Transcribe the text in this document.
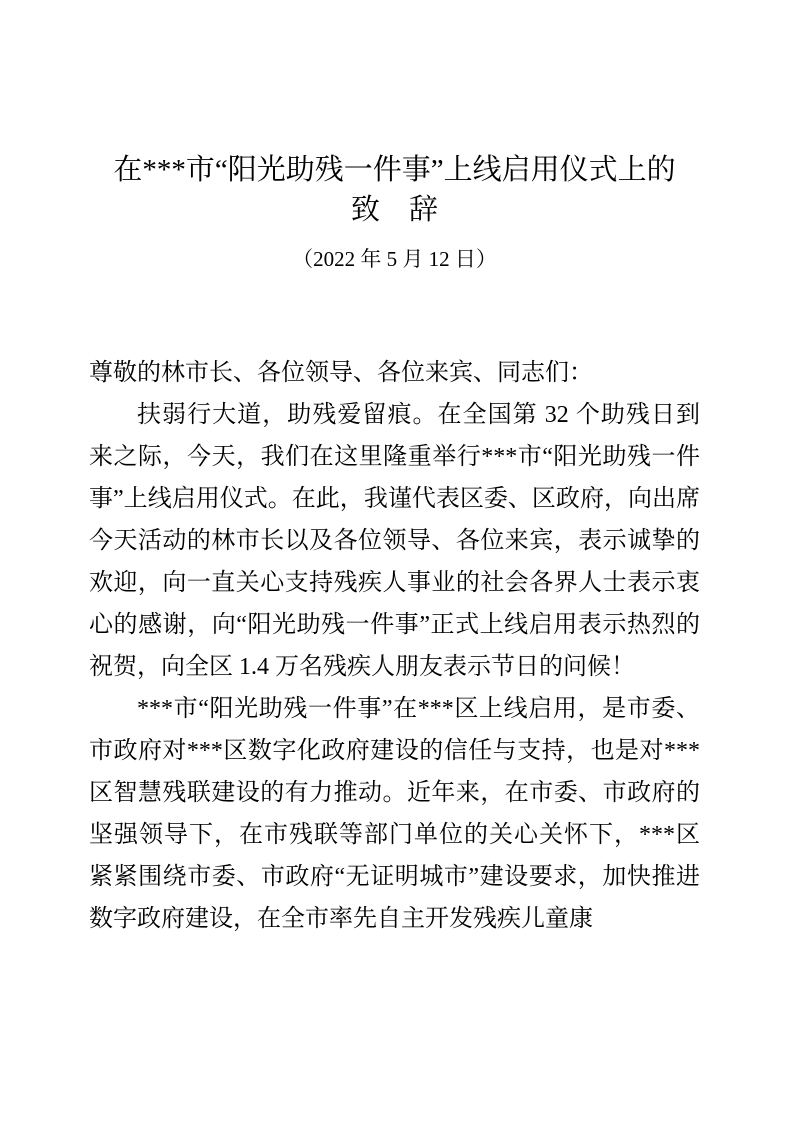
在***市“阳光助残一件事”上线启用仪式上的
致　辞
（2022 年 5 月 12 日）

尊敬的林市长、各位领导、各位来宾、同志们：

扶弱行大道，助残爱留痕。在全国第 32 个助残日到来之际，今天，我们在这里隆重举行***市“阳光助残一件事”上线启用仪式。在此，我谨代表区委、区政府，向出席今天活动的林市长以及各位领导、各位来宾，表示诚挚的欢迎，向一直关心支持残疾人事业的社会各界人士表示衷心的感谢，向“阳光助残一件事”正式上线启用表示热烈的祝贺，向全区 1.4 万名残疾人朋友表示节日的问候！

***市“阳光助残一件事”在***区上线启用，是市委、市政府对***区数字化政府建设的信任与支持，也是对***区智慧残联建设的有力推动。近年来，在市委、市政府的坚强领导下，在市残联等部门单位的关心关怀下，***区紧紧围绕市委、市政府“无证明城市”建设要求，加快推进数字政府建设，在全市率先自主开发残疾儿童康
